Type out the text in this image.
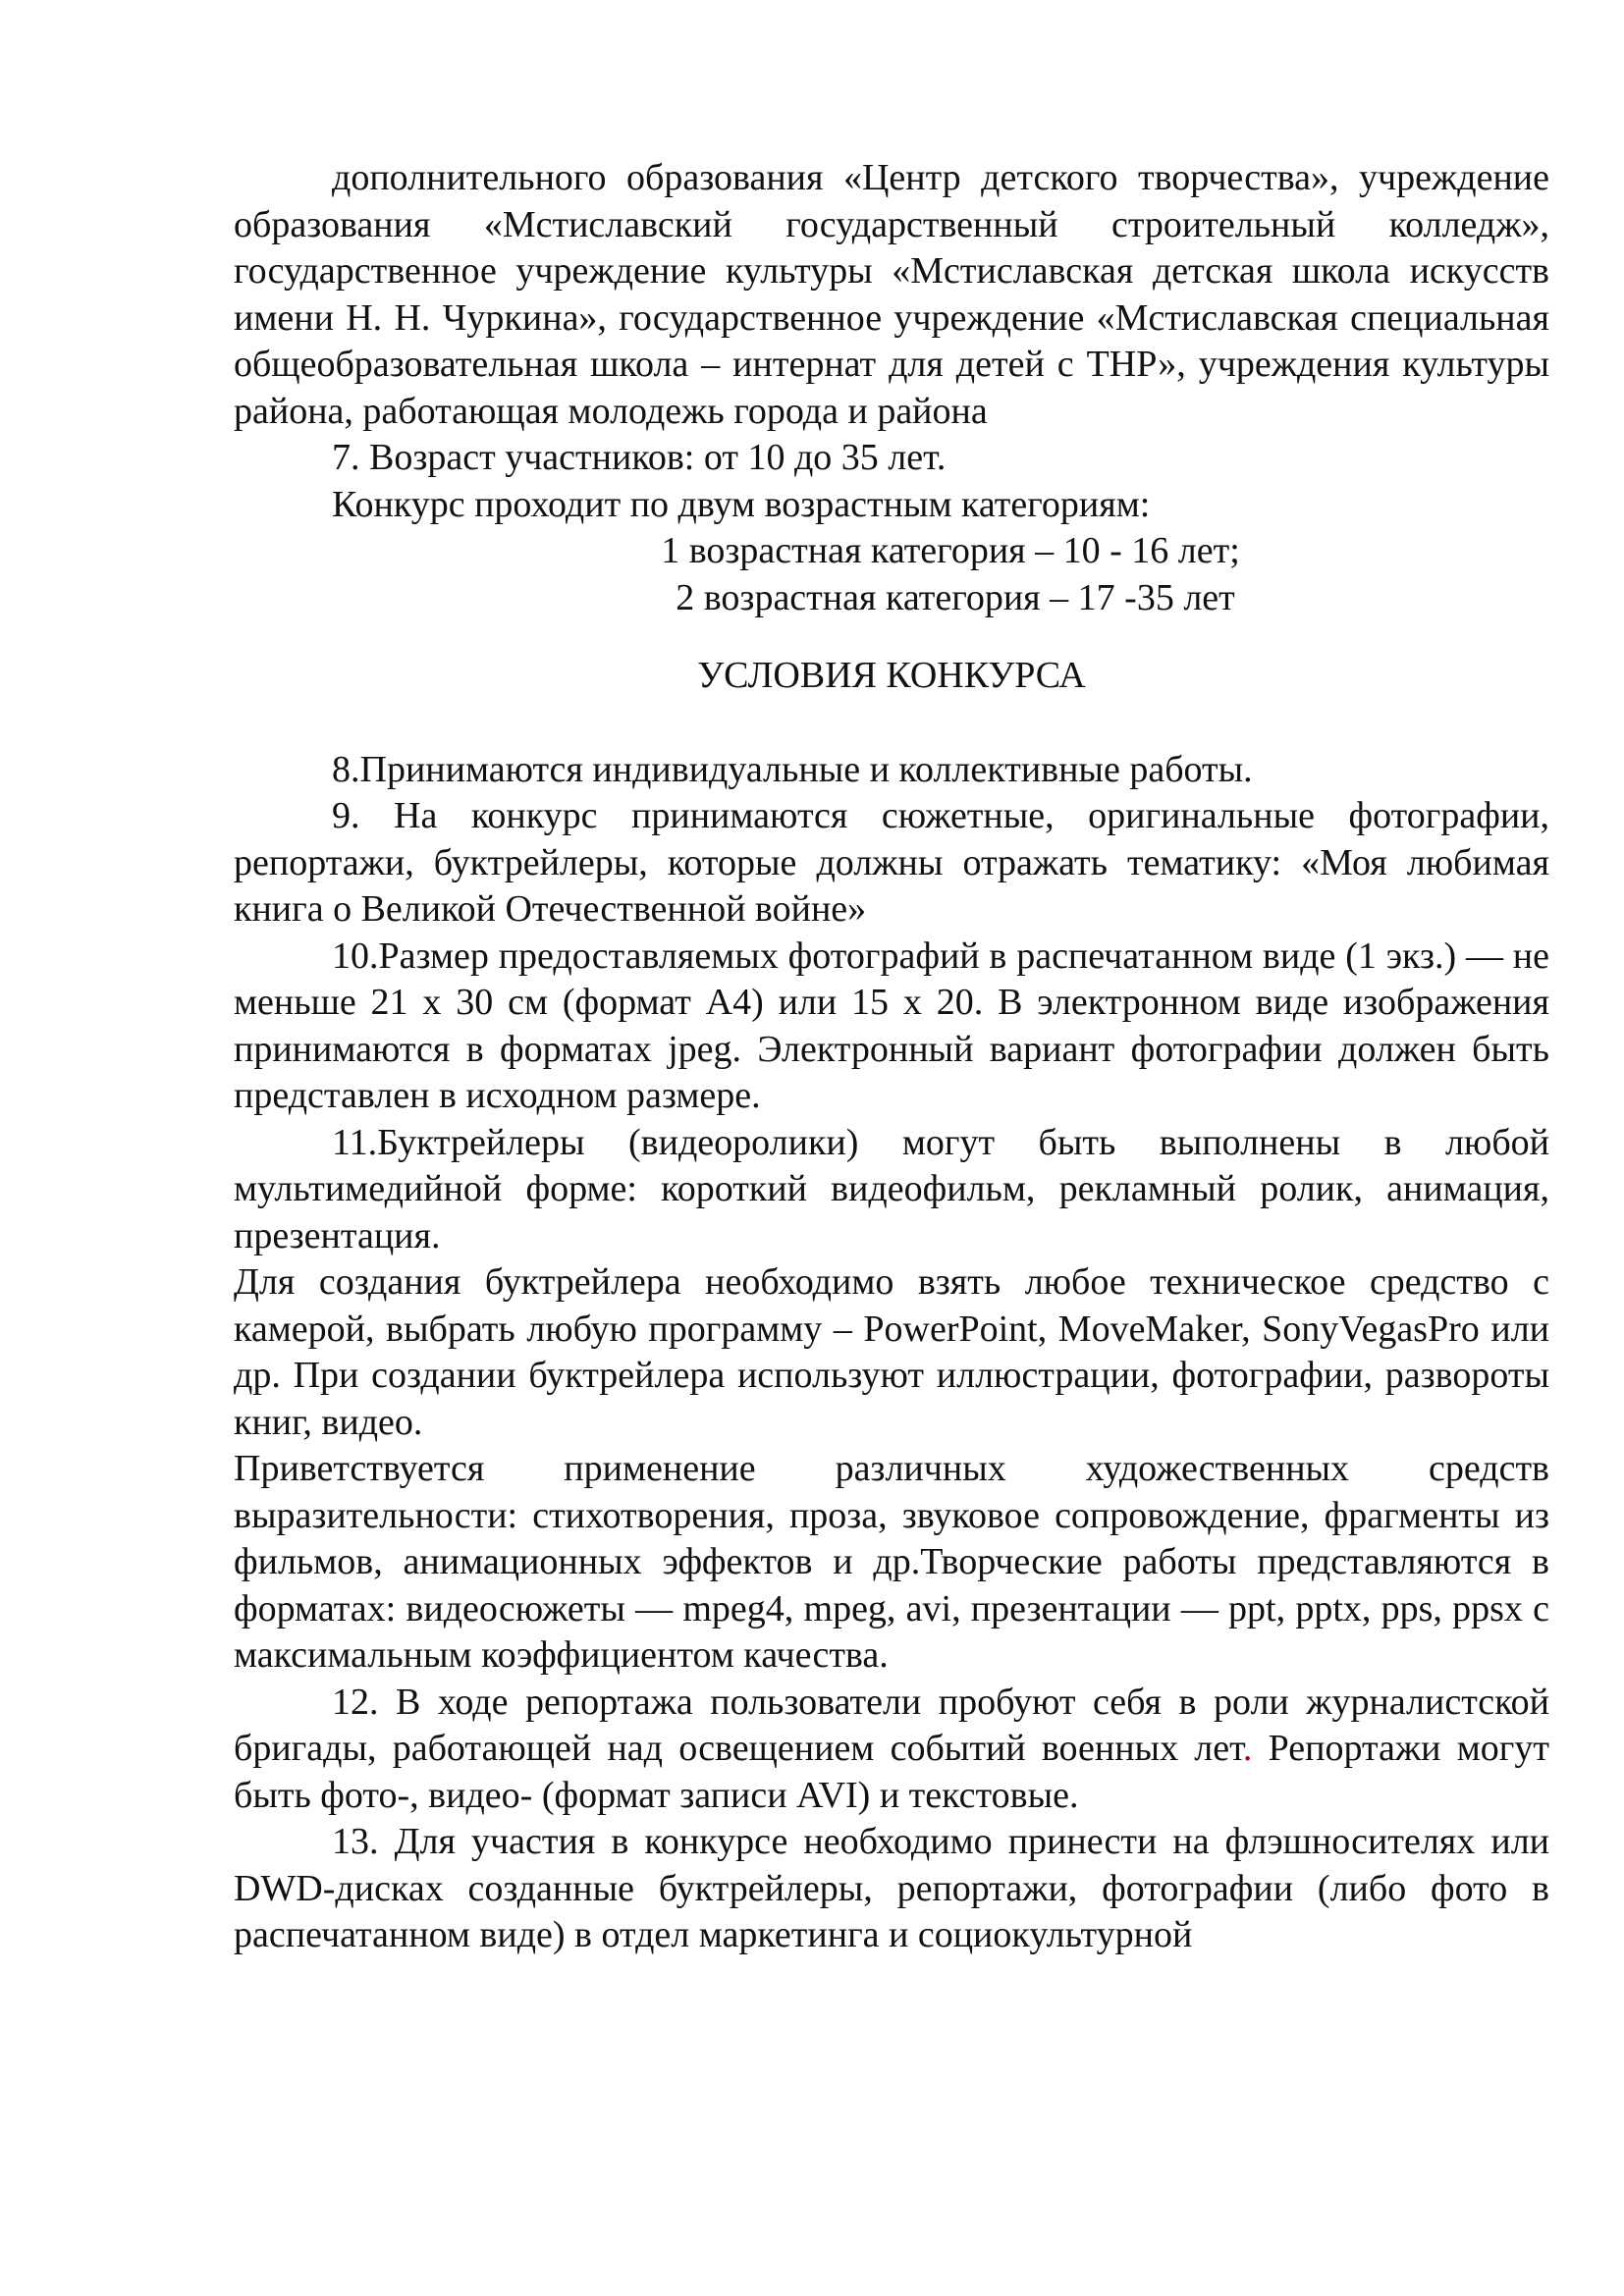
дополнительного образования «Центр детского творчества», учреждение образования «Мстиславский государственный строительный колледж», государственное учреждение культуры «Мстиславская детская школа искусств имени Н. Н. Чуркина», государственное учреждение «Мстиславская специальная общеобразовательная школа – интернат для детей с ТНР», учреждения культуры района, работающая молодежь города и района

7. Возраст участников: от 10 до 35 лет.

Конкурс проходит по двум возрастным категориям:

1 возрастная категория – 10 - 16 лет;

2 возрастная категория – 17 -35 лет

УСЛОВИЯ КОНКУРСА

8.Принимаются индивидуальные и коллективные работы.

9. На конкурс принимаются сюжетные, оригинальные фотографии, репортажи, буктрейлеры, которые должны отражать тематику: «Моя любимая книга о Великой Отечественной войне»

10.Размер предоставляемых фотографий в распечатанном виде (1 экз.) — не меньше 21 х 30 см (формат А4) или 15 х 20. В электронном виде изображения принимаются в форматах jpeg. Электронный вариант фотографии должен быть представлен в исходном размере.

11.Буктрейлеры (видеоролики) могут быть выполнены в любой мультимедийной форме: короткий видеофильм, рекламный ролик, анимация, презентация.

Для создания буктрейлера необходимо взять любое техническое средство с камерой, выбрать любую программу – PowerPoint, MoveMaker, SonyVegasPro или др. При создании буктрейлера используют иллюстрации, фотографии, развороты книг, видео.

Приветствуется применение различных художественных средств выразительности: стихотворения, проза, звуковое сопровождение, фрагменты из фильмов, анимационных эффектов и др.Творческие работы представляются в форматах: видеосюжеты — mpeg4, mpeg, avi, презентации — ppt, pptx, pps, ppsx с максимальным коэффициентом качества.

12. В ходе репортажа пользователи пробуют себя в роли журналистской бригады, работающей над освещением событий военных лет. Репортажи могут быть фото-, видео- (формат записи AVI) и текстовые.

13. Для участия в конкурсе необходимо принести на флэшносителях или DWD-дисках созданные буктрейлеры, репортажи, фотографии (либо фото в распечатанном виде) в отдел маркетинга и социокультурной
